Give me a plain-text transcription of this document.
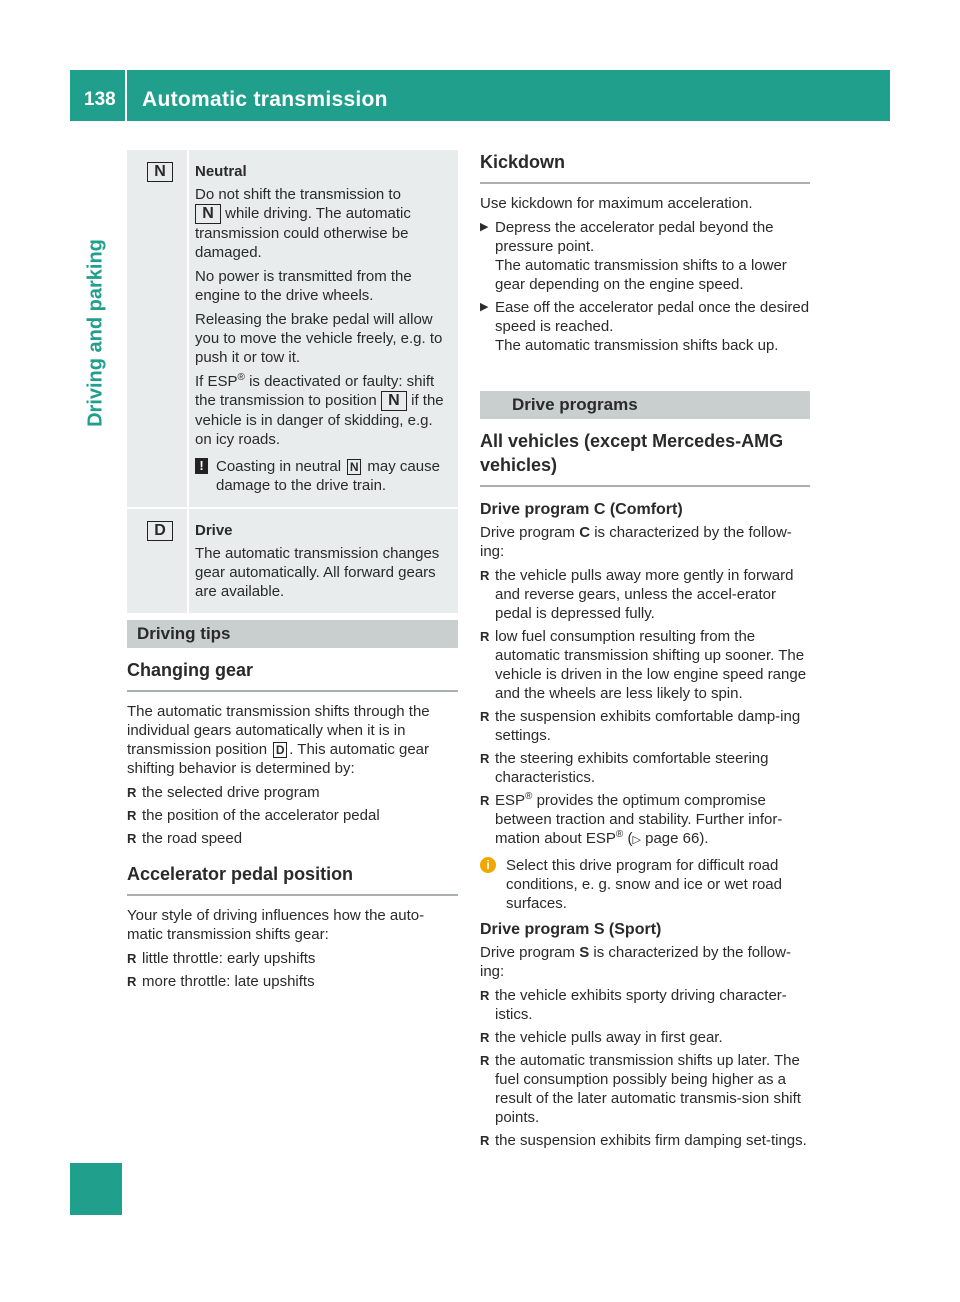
138 Automatic transmission
Driving and parking
N	Neutral

Do not shift the transmission to
N while driving. The automatic transmission could otherwise be damaged.

No power is transmitted from the engine to the drive wheels.

Releasing the brake pedal will allow you to move the vehicle freely, e.g. to push it or tow it.

If ESP® is deactivated or faulty: shift the transmission to position N if the vehicle is in danger of skidding, e.g. on icy roads.

! Coasting in neutral N may cause damage to the drive train.
D	Drive

The automatic transmission changes gear automatically. All forward gears are available.

Driving tips
Changing gear

The automatic transmission shifts through the individual gears automatically when it is in transmission position D . This automatic gear shifting behavior is determined by:

R the selected drive program
R the position of the accelerator pedal
R the road speed
Accelerator pedal position

Your style of driving influences how the auto-matic transmission shifts gear:

R little throttle: early upshifts
R more throttle: late upshifts
Kickdown

Use kickdown for maximum acceleration.

▶ Depress the accelerator pedal beyond the pressure point.
The automatic transmission shifts to a lower gear depending on the engine speed.
▶ Ease off the accelerator pedal once the desired speed is reached.
The automatic transmission shifts back up.
Drive programs
All vehicles (except Mercedes-AMG vehicles)
Drive program C (Comfort)

Drive program C is characterized by the follow-ing:

R the vehicle pulls away more gently in forward and reverse gears, unless the accel-erator pedal is depressed fully.
R low fuel consumption resulting from the automatic transmission shifting up sooner. The vehicle is driven in the low engine speed range and the wheels are less likely to spin.
R the suspension exhibits comfortable damp-ing settings.
R the steering exhibits comfortable steering characteristics.
R ESP® provides the optimum compromise between traction and stability. Further infor-mation about ESP® (▷ page 66).
i	Select this drive program for difficult road conditions, e. g. snow and ice or wet road surfaces.
Drive program S (Sport)

Drive program S is characterized by the follow-ing:

R the vehicle exhibits sporty driving character-istics.
R the vehicle pulls away in first gear.
R the automatic transmission shifts up later. The fuel consumption possibly being higher as a result of the later automatic transmis-sion shift points.
R the suspension exhibits firm damping set-tings.
